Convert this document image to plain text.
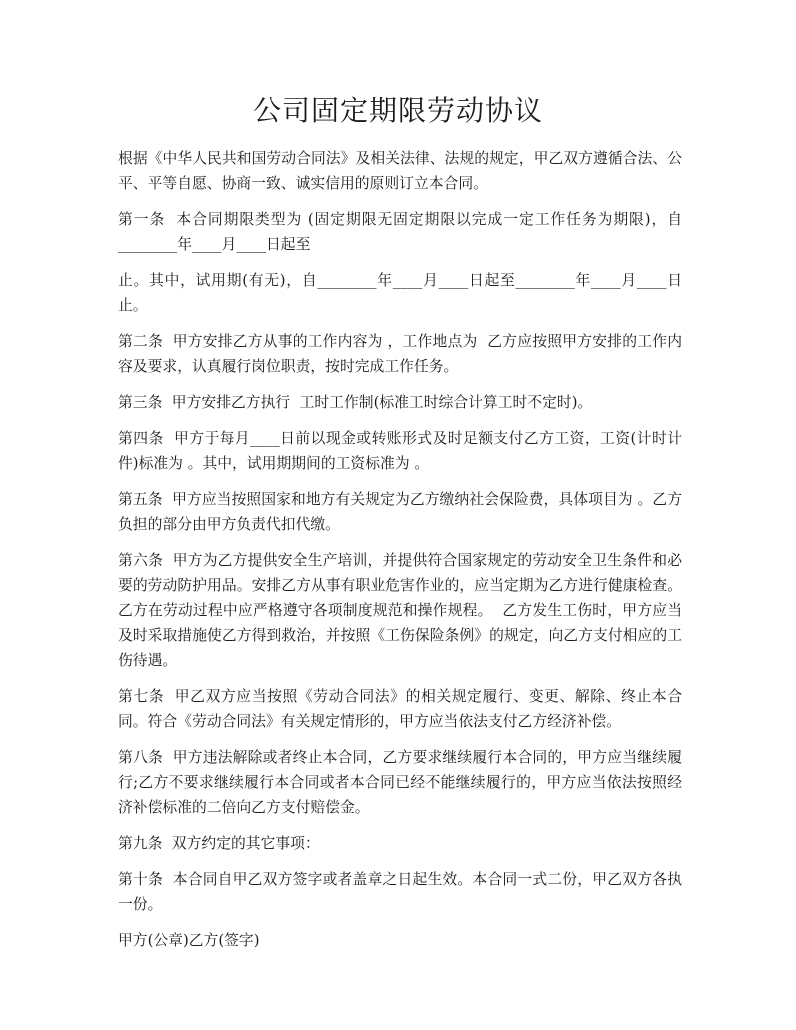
公司固定期限劳动协议

根据《中华人民共和国劳动合同法》及相关法律、法规的规定，甲乙双方遵循合法、公平、平等自愿、协商一致、诚实信用的原则订立本合同。

第一条  本合同期限类型为 (固定期限无固定期限以完成一定工作任务为期限)，自________年____月____日起至

止。其中，试用期(有无)，自________年____月____日起至________年____月____日止。

第二条  甲方安排乙方从事的工作内容为 ，工作地点为  乙方应按照甲方安排的工作内容及要求，认真履行岗位职责，按时完成工作任务。

第三条  甲方安排乙方执行  工时工作制(标准工时综合计算工时不定时)。

第四条  甲方于每月____日前以现金或转账形式及时足额支付乙方工资，工资(计时计件)标准为 。其中，试用期期间的工资标准为 。

第五条  甲方应当按照国家和地方有关规定为乙方缴纳社会保险费，具体项目为 。乙方负担的部分由甲方负责代扣代缴。

第六条  甲方为乙方提供安全生产培训，并提供符合国家规定的劳动安全卫生条件和必要的劳动防护用品。安排乙方从事有职业危害作业的，应当定期为乙方进行健康检查。乙方在劳动过程中应严格遵守各项制度规范和操作规程。  乙方发生工伤时，甲方应当及时采取措施使乙方得到救治，并按照《工伤保险条例》的规定，向乙方支付相应的工伤待遇。

第七条  甲乙双方应当按照《劳动合同法》的相关规定履行、变更、解除、终止本合同。符合《劳动合同法》有关规定情形的，甲方应当依法支付乙方经济补偿。

第八条  甲方违法解除或者终止本合同，乙方要求继续履行本合同的，甲方应当继续履行;乙方不要求继续履行本合同或者本合同已经不能继续履行的，甲方应当依法按照经济补偿标准的二倍向乙方支付赔偿金。

第九条  双方约定的其它事项：

第十条  本合同自甲乙双方签字或者盖章之日起生效。本合同一式二份，甲乙双方各执一份。

甲方(公章)乙方(签字)
